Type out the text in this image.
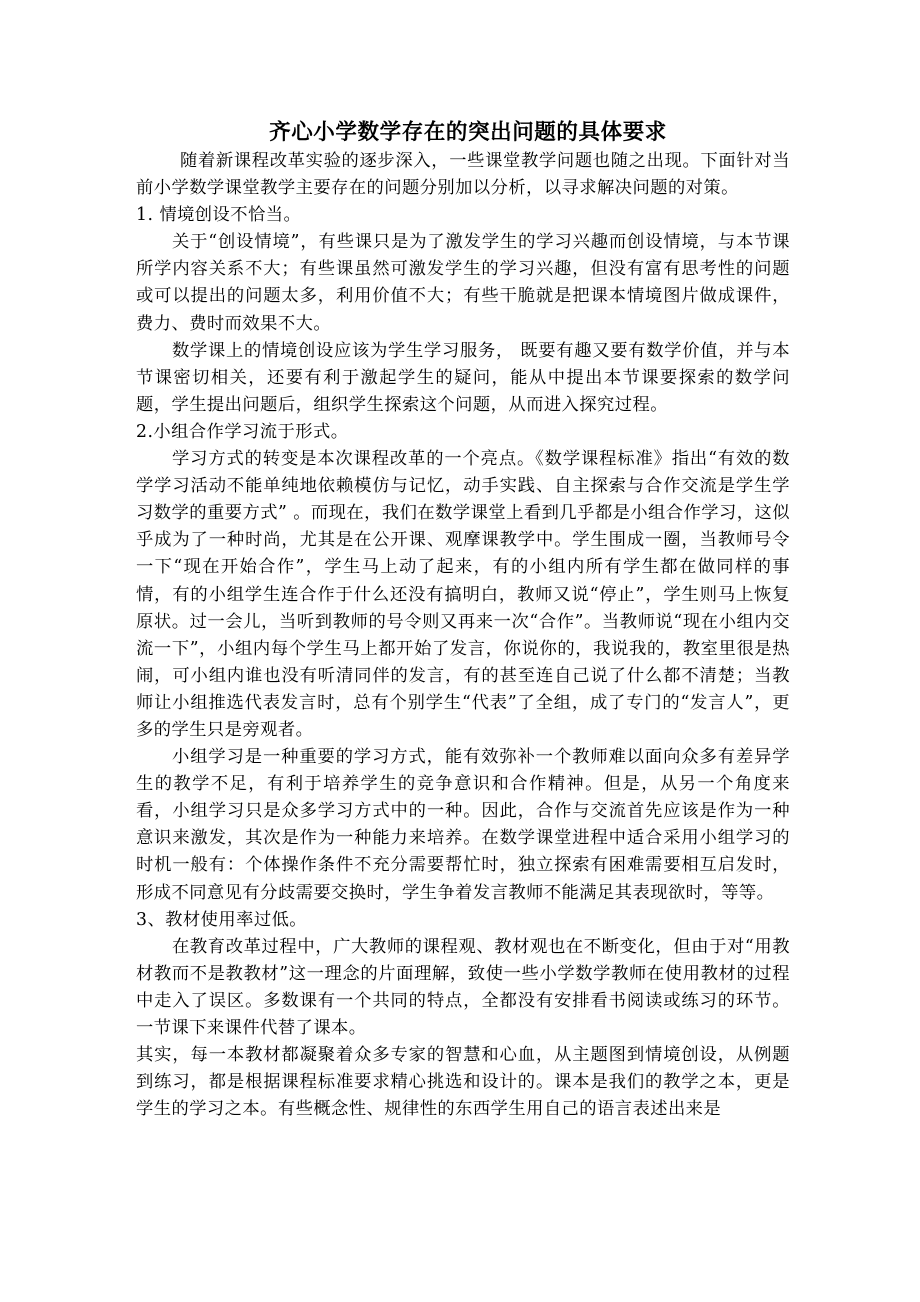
齐心小学数学存在的突出问题的具体要求

随着新课程改革实验的逐步深入，一些课堂教学问题也随之出现。下面针对当前小学数学课堂教学主要存在的问题分别加以分析，以寻求解决问题的对策。

1. 情境创设不恰当。

关于“创设情境”，有些课只是为了激发学生的学习兴趣而创设情境，与本节课所学内容关系不大；有些课虽然可激发学生的学习兴趣，但没有富有思考性的问题或可以提出的问题太多，利用价值不大；有些干脆就是把课本情境图片做成课件，费力、费时而效果不大。

数学课上的情境创设应该为学生学习服务， 既要有趣又要有数学价值，并与本节课密切相关，还要有利于激起学生的疑问，能从中提出本节课要探索的数学问题，学生提出问题后，组织学生探索这个问题，从而进入探究过程。

2.小组合作学习流于形式。

学习方式的转变是本次课程改革的一个亮点。《数学课程标准》指出“有效的数学学习活动不能单纯地依赖模仿与记忆，动手实践、自主探索与合作交流是学生学习数学的重要方式” 。而现在，我们在数学课堂上看到几乎都是小组合作学习，这似乎成为了一种时尚，尤其是在公开课、观摩课教学中。学生围成一圈，当教师号令一下“现在开始合作”，学生马上动了起来，有的小组内所有学生都在做同样的事情，有的小组学生连合作于什么还没有搞明白，教师又说“停止”，学生则马上恢复原状。过一会儿，当听到教师的号令则又再来一次“合作”。当教师说“现在小组内交流一下”，小组内每个学生马上都开始了发言，你说你的，我说我的，教室里很是热闹，可小组内谁也没有听清同伴的发言，有的甚至连自己说了什么都不清楚；当教师让小组推选代表发言时，总有个别学生“代表”了全组，成了专门的“发言人”，更多的学生只是旁观者。

小组学习是一种重要的学习方式，能有效弥补一个教师难以面向众多有差异学生的教学不足，有利于培养学生的竞争意识和合作精神。但是，从另一个角度来看，小组学习只是众多学习方式中的一种。因此，合作与交流首先应该是作为一种意识来激发，其次是作为一种能力来培养。在数学课堂进程中适合采用小组学习的时机一般有：个体操作条件不充分需要帮忙时，独立探索有困难需要相互启发时，形成不同意见有分歧需要交换时，学生争着发言教师不能满足其表现欲时，等等。

3、教材使用率过低。

在教育改革过程中，广大教师的课程观、教材观也在不断变化，但由于对“用教材教而不是教教材”这一理念的片面理解，致使一些小学数学教师在使用教材的过程中走入了误区。多数课有一个共同的特点，全都没有安排看书阅读或练习的环节。一节课下来课件代替了课本。

其实，每一本教材都凝聚着众多专家的智慧和心血，从主题图到情境创设，从例题到练习，都是根据课程标准要求精心挑选和设计的。课本是我们的教学之本，更是学生的学习之本。有些概念性、规律性的东西学生用自己的语言表述出来是
